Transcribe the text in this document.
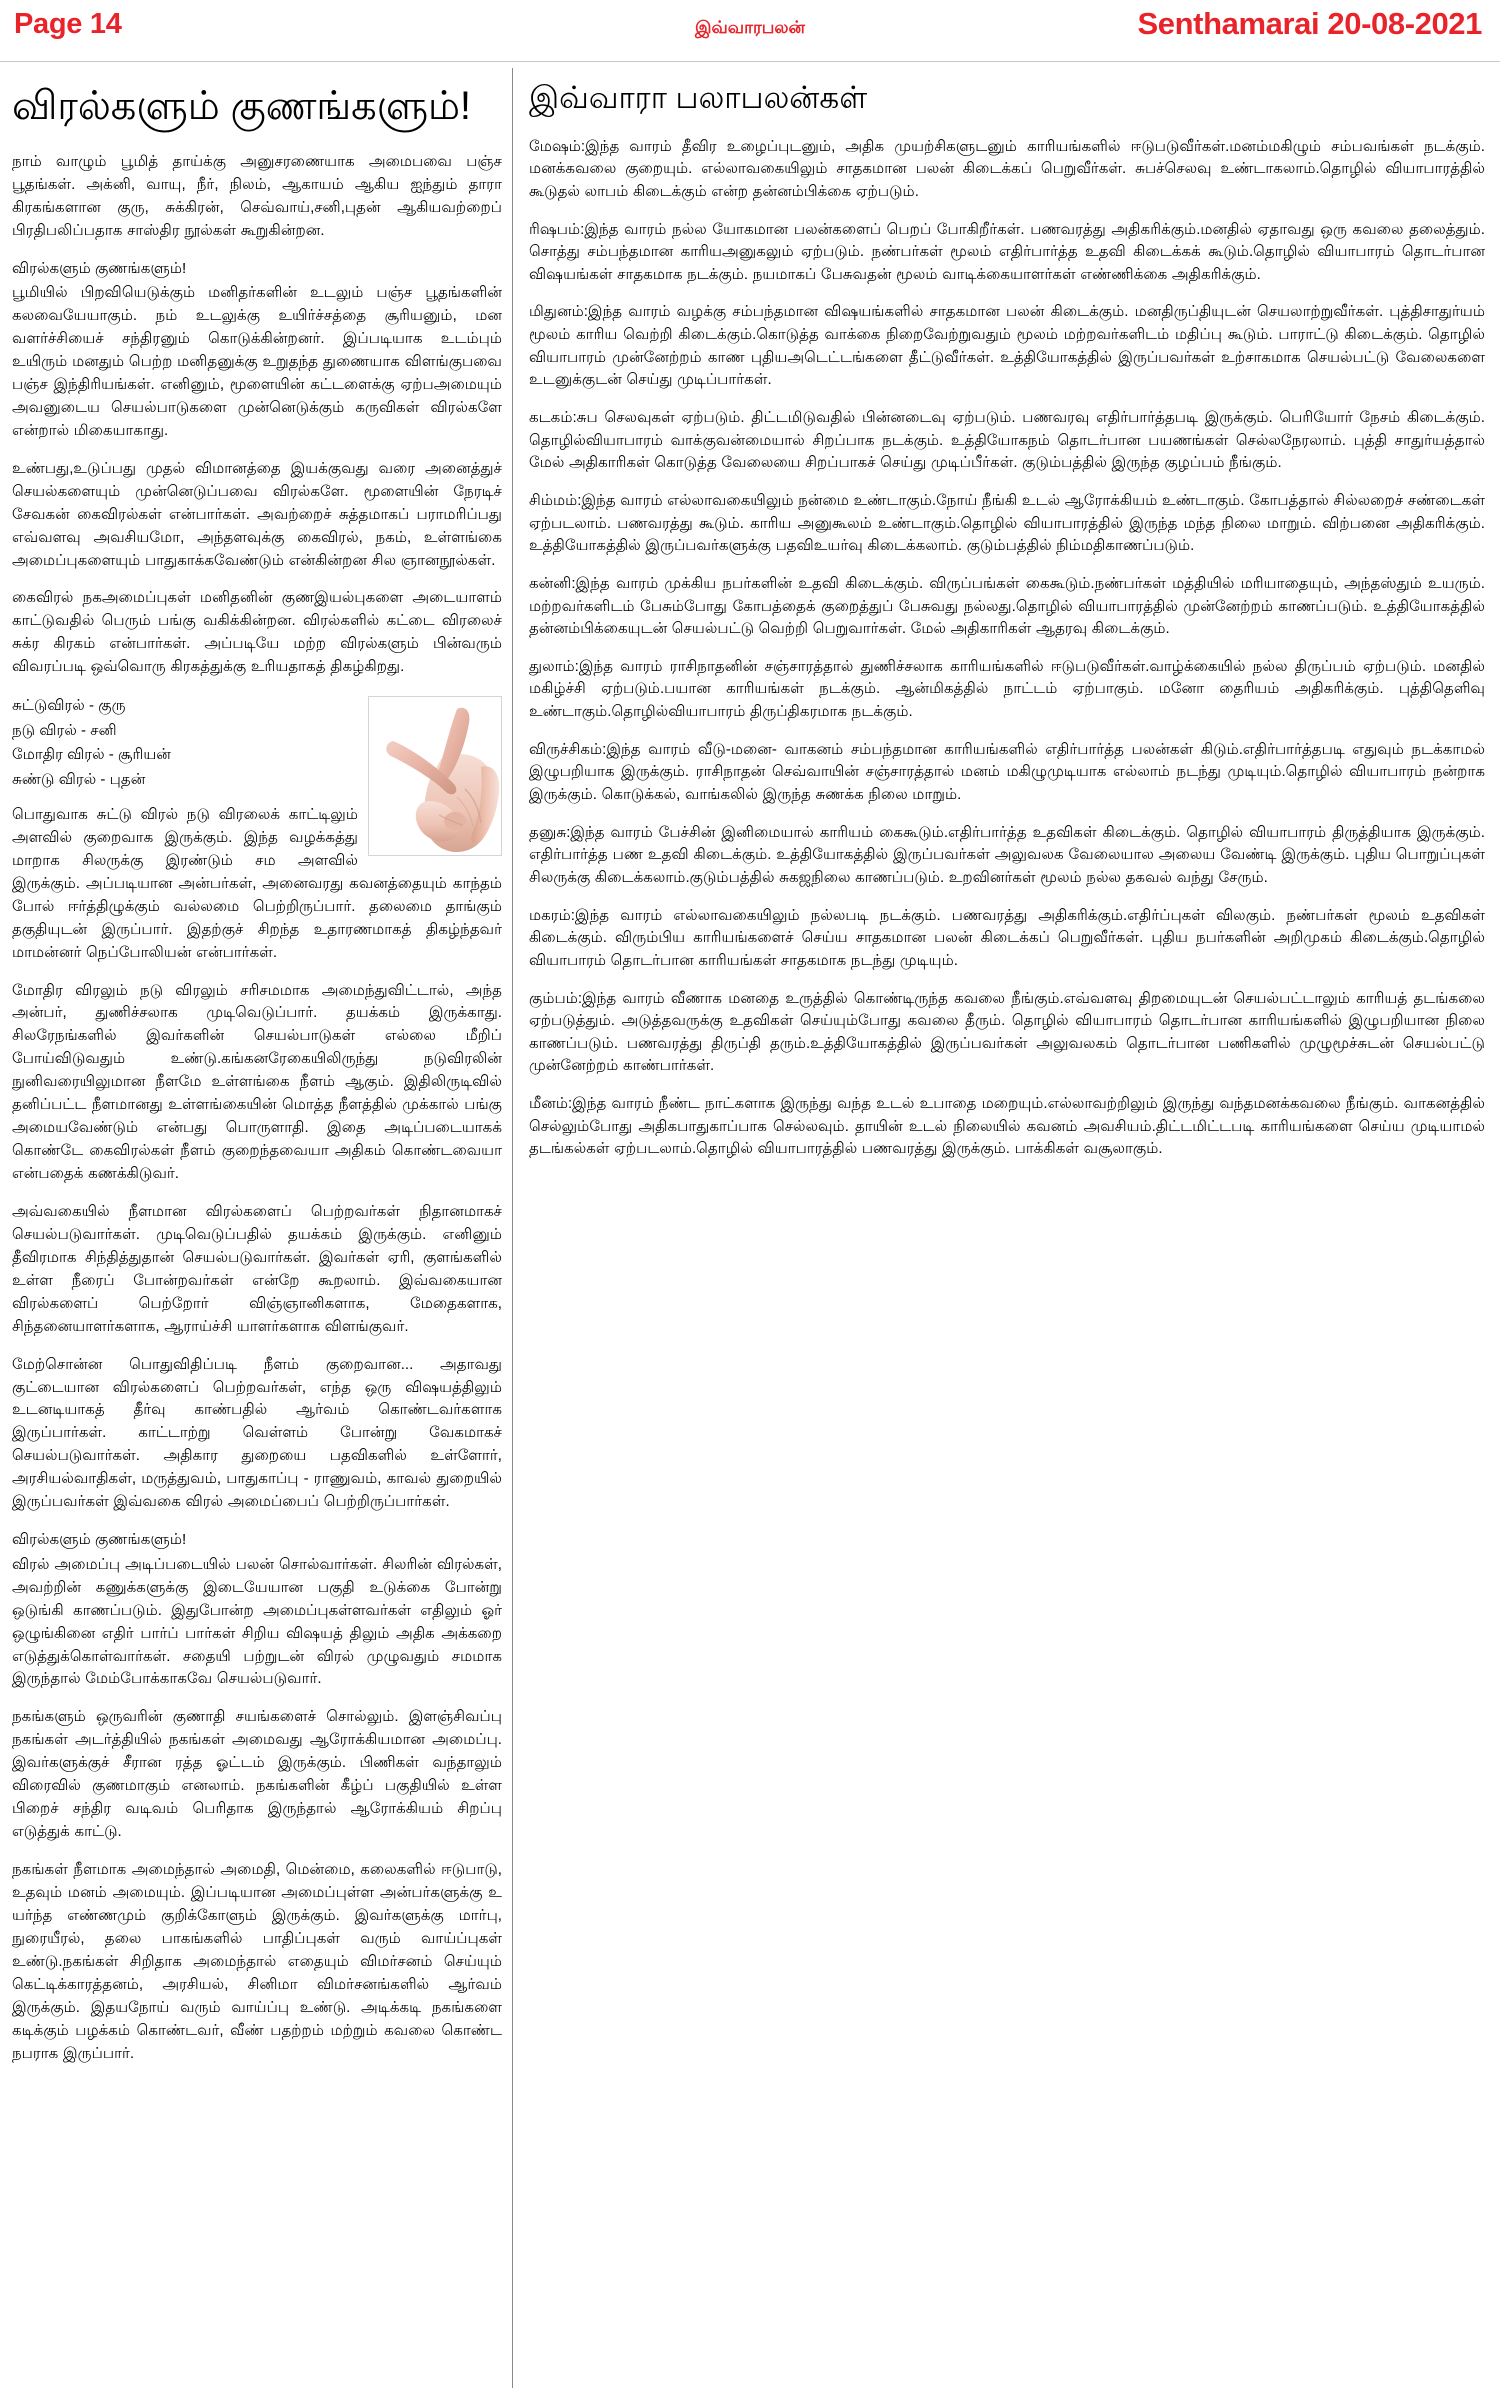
Page 14	இவ்வாரபலன்	Senthamarai 20-08-2021
விரல்களும் குணங்களும்!

நாம் வாழும் பூமித் தாய்க்கு அனுசரணையாக அமைபவை பஞ்ச பூதங்கள். அக்னி, வாயு, நீர், நிலம், ஆகாயம் ஆகிய ஐந்தும் தாரா கிரகங்களான குரு, சுக்கிரன், செவ்வாய்,சனி,புதன் ஆகியவற்றைப் பிரதிபலிப்பதாக சாஸ்திர நூல்கள் கூறுகின்றன.

விரல்களும் குணங்களும்!

பூமியில் பிறவியெடுக்கும் மனிதர்களின் உடலும் பஞ்ச பூதங்களின் கலவையேயாகும். நம் உடலுக்கு உயிர்ச்சத்தை சூரியனும், மன வளர்ச்சியைச் சந்திரனும் கொடுக்கின்றனர். இப்படியாக உடம்பும் உயிரும் மனதும் பெற்ற மனிதனுக்கு உறுதந்த துணையாக விளங்குபவை பஞ்ச இந்திரியங்கள். எனினும், மூளையின் கட்டளைக்கு ஏற்பஅமையும் அவனுடைய செயல்பாடுகளை முன்னெடுக்கும் கருவிகள் விரல்களே என்றால் மிகையாகாது.

உண்பது,உடுப்பது முதல் விமானத்தை இயக்குவது வரை அனைத்துச் செயல்களையும் முன்னெடுப்பவை விரல்களே. மூளையின் நேரடிச் சேவகன் கைவிரல்கள் என்பார்கள். அவற்றைச் சுத்தமாகப் பராமரிப்பது எவ்வளவு அவசியமோ, அந்தளவுக்கு கைவிரல், நகம், உள்ளங்கை அமைப்புகளையும் பாதுகாக்கவேண்டும் என்கின்றன சில ஞானநூல்கள்.

கைவிரல் நகஅமைப்புகள் மனிதனின் குணஇயல்புகளை அடையாளம் காட்டுவதில் பெரும் பங்கு வகிக்கின்றன. விரல்களில் கட்டை விரலைச் சுக்ர கிரகம் என்பார்கள். அப்படியே மற்ற விரல்களும் பின்வரும் விவரப்படி ஒவ்வொரு கிரகத்துக்கு உரியதாகத் திகழ்கிறது.

சுட்டுவிரல் - குரு
நடு விரல் - சனி
மோதிர விரல் - சூரியன்
சுண்டு விரல் - புதன்

பொதுவாக சுட்டு விரல் நடு விரலைக் காட்டிலும் அளவில் குறைவாக இருக்கும். இந்த வழக்கத்து மாறாக சிலருக்கு இரண்டும் சம அளவில் இருக்கும். அப்படியான அன்பர்கள், அனைவரது கவனத்தையும் காந்தம் போல் ஈர்த்திழுக்கும் வல்லமை பெற்றிருப்பார். தலைமை தாங்கும் தகுதியுடன் இருப்பார். இதற்குச் சிறந்த உதாரணமாகத் திகழ்ந்தவர் மாமன்னர் நெப்போலியன் என்பார்கள்.

மோதிர விரலும் நடு விரலும் சரிசமமாக அமைந்துவிட்டால், அந்த அன்பர், துணிச்சலாக முடிவெடுப்பார். தயக்கம் இருக்காது. சிலரேநங்களில் இவர்களின் செயல்பாடுகள் எல்லை மீறிப் போய்விடுவதும் உண்டு.கங்கனரேகையிலிருந்து நடுவிரலின் நுனிவரையிலுமான நீளமே உள்ளங்கை நீளம் ஆகும். இதிலிருடிவில் தனிப்பட்ட நீளமானது உள்ளங்கையின் மொத்த நீளத்தில் முக்கால் பங்கு அமையவேண்டும் என்பது பொருளாதி. இதை அடிப்படையாகக் கொண்டே கைவிரல்கள் நீளம் குறைந்தவையா அதிகம் கொண்டவையா என்பதைக் கணக்கிடுவர்.

அவ்வகையில் நீளமான விரல்களைப் பெற்றவர்கள் நிதானமாகச் செயல்படுவார்கள். முடிவெடுப்பதில் தயக்கம் இருக்கும். எனினும் தீவிரமாக சிந்தித்துதான் செயல்படுவார்கள். இவர்கள் ஏரி, குளங்களில் உள்ள நீரைப் போன்றவர்கள் என்றே கூறலாம். இவ்வகையான விரல்களைப் பெற்றோர் விஞ்ஞானிகளாக, மேதைகளாக, சிந்தனையாளர்களாக, ஆராய்ச்சி யாளர்களாக விளங்குவர்.

மேற்சொன்ன பொதுவிதிப்படி நீளம் குறைவான... அதாவது குட்டையான விரல்களைப் பெற்றவர்கள், எந்த ஒரு விஷயத்திலும் உடனடியாகத் தீர்வு காண்பதில் ஆர்வம் கொண்டவர்களாக இருப்பார்கள். காட்டாற்று வெள்ளம் போன்று வேகமாகச் செயல்படுவார்கள். அதிகார துறையை பதவிகளில் உள்ளோர், அரசியல்வாதிகள், மருத்துவம், பாதுகாப்பு - ராணுவம், காவல் துறையில் இருப்பவர்கள் இவ்வகை விரல் அமைப்பைப் பெற்றிருப்பார்கள்.

விரல்களும் குணங்களும்!

விரல் அமைப்பு அடிப்படையில் பலன் சொல்வார்கள். சிலரின் விரல்கள், அவற்றின் கணுக்களுக்கு இடையேயான பகுதி உடுக்கை போன்று ஒடுங்கி காணப்படும். இதுபோன்ற அமைப்புகள்ளவர்கள் எதிலும் ஓர் ஒழுங்கினை எதிர் பார்ப் பார்கள் சிறிய விஷயத் திலும் அதிக அக்கறை எடுத்துக்கொள்வார்கள். சதையி பற்றுடன் விரல் முழுவதும் சமமாக இருந்தால் மேம்போக்காகவே செயல்படுவார்.

நகங்களும் ஒருவரின் குணாதி சயங்களைச் சொல்லும். இளஞ்சிவப்பு நகங்கள் அடர்த்தியில் நகங்கள் அமைவது ஆரோக்கியமான அமைப்பு. இவர்களுக்குச் சீரான ரத்த ஓட்டம் இருக்கும். பிணிகள் வந்தாலும் விரைவில் குணமாகும் எனலாம். நகங்களின் கீழ்ப் பகுதியில் உள்ள பிறைச் சந்திர வடிவம் பெரிதாக இருந்தால் ஆரோக்கியம் சிறப்பு எடுத்துக் காட்டு.

நகங்கள் நீளமாக அமைந்தால் அமைதி, மென்மை, கலைகளில் ஈடுபாடு, உதவும் மனம் அமையும். இப்படியான அமைப்புள்ள அன்பர்களுக்கு உ யர்ந்த எண்ணமும் குறிக்கோளும் இருக்கும். இவர்களுக்கு மார்பு, நுரையீரல், தலை பாகங்களில் பாதிப்புகள் வரும் வாய்ப்புகள் உண்டு.நகங்கள் சிறிதாக அமைந்தால் எதையும் விமர்சனம் செய்யும் கெட்டிக்காரத்தனம், அரசியல், சினிமா விமர்சனங்களில் ஆர்வம் இருக்கும். இதயநோய் வரும் வாய்ப்பு உண்டு. அடிக்கடி நகங்களை கடிக்கும் பழக்கம் கொண்டவர், வீண் பதற்றம் மற்றும் கவலை கொண்ட நபராக இருப்பார்.

இவ்வாரா பலாபலன்கள்

மேஷம்:இந்த வாரம் தீவிர உழைப்புடனும், அதிக முயற்சிகளுடனும் காரியங்களில் ஈடுபடுவீர்கள்.மனம்மகிழும் சம்பவங்கள் நடக்கும். மனக்கவலை குறையும். எல்லாவகையிலும் சாதகமான பலன் கிடைக்கப் பெறுவீர்கள். சுபச்செலவு உண்டாகலாம்.தொழில் வியாபாரத்தில் கூடுதல் லாபம் கிடைக்கும் என்ற தன்னம்பிக்கை ஏற்படும்.

ரிஷபம்:இந்த வாரம் நல்ல யோகமான பலன்களைப் பெறப் போகிறீர்கள். பணவரத்து அதிகரிக்கும்.மனதில் ஏதாவது ஒரு கவலை தலைத்தும். சொத்து சம்பந்தமான காரியஅனுகலும் ஏற்படும். நண்பர்கள் மூலம் எதிர்பார்த்த உதவி கிடைக்கக் கூடும்.தொழில் வியாபாரம் தொடர்பான விஷயங்கள் சாதகமாக நடக்கும். நயமாகப் பேசுவதன் மூலம் வாடிக்கையாளர்கள் எண்ணிக்கை அதிகரிக்கும்.

மிதுனம்:இந்த வாரம் வழக்கு சம்பந்தமான விஷயங்களில் சாதகமான பலன் கிடைக்கும். மனதிருப்தியுடன் செயலாற்றுவீர்கள். புத்திசாதுர்யம் மூலம் காரிய வெற்றி கிடைக்கும்.கொடுத்த வாக்கை நிறைவேற்றுவதும் மூலம் மற்றவர்களிடம் மதிப்பு கூடும். பாராட்டு கிடைக்கும். தொழில் வியாபாரம் முன்னேற்றம் காண புதியஅடெட்டங்களை தீட்டுவீர்கள். உத்தியோகத்தில் இருப்பவர்கள் உற்சாகமாக செயல்பட்டு வேலைகளை உடனுக்குடன் செய்து முடிப்பார்கள்.

கடகம்:சுப செலவுகள் ஏற்படும். திட்டமிடுவதில் பின்னடைவு ஏற்படும். பணவரவு எதிர்பார்த்தபடி இருக்கும். பெரியோர் நேசம் கிடைக்கும். தொழில்வியாபாரம் வாக்குவன்மையால் சிறப்பாக நடக்கும். உத்தியோகநம் தொடர்பான பயணங்கள் செல்லநேரலாம். புத்தி சாதுர்யத்தால் மேல் அதிகாரிகள் கொடுத்த வேலையை சிறப்பாகச் செய்து முடிப்பீர்கள். குடும்பத்தில் இருந்த குழப்பம் நீங்கும்.

சிம்மம்:இந்த வாரம் எல்லாவகையிலும் நன்மை உண்டாகும்.நோய் நீங்கி உடல் ஆரோக்கியம் உண்டாகும். கோபத்தால் சில்லறைச் சண்டைகள் ஏற்படலாம். பணவரத்து கூடும். காரிய அனுகூலம் உண்டாகும்.தொழில் வியாபாரத்தில் இருந்த மந்த நிலை மாறும். விற்பனை அதிகரிக்கும். உத்தியோகத்தில் இருப்பவர்களுக்கு பதவிஉயர்வு கிடைக்கலாம். குடும்பத்தில் நிம்மதிகாணப்படும்.

கன்னி:இந்த வாரம் முக்கிய நபர்களின் உதவி கிடைக்கும். விருப்பங்கள் கைகூடும்.நண்பர்கள் மத்தியில் மரியாதையும், அந்தஸ்தும் உயரும். மற்றவர்களிடம் பேசும்போது கோபத்தைக் குறைத்துப் பேசுவது நல்லது.தொழில் வியாபாரத்தில் முன்னேற்றம் காணப்படும். உத்தியோகத்தில் தன்னம்பிக்கையுடன் செயல்பட்டு வெற்றி பெறுவார்கள். மேல் அதிகாரிகள் ஆதரவு கிடைக்கும்.

துலாம்:இந்த வாரம் ராசிநாதனின் சஞ்சாரத்தால் துணிச்சலாக காரியங்களில் ஈடுபடுவீர்கள்.வாழ்க்கையில் நல்ல திருப்பம் ஏற்படும். மனதில் மகிழ்ச்சி ஏற்படும்.பயான காரியங்கள் நடக்கும். ஆன்மிகத்தில் நாட்டம் ஏற்பாகும். மனோ தைரியம் அதிகரிக்கும். புத்திதெளிவு உண்டாகும்.தொழில்வியாபாரம் திருப்திகரமாக நடக்கும்.

விருச்சிகம்:இந்த வாரம் வீடு-மனை- வாகனம் சம்பந்தமான காரியங்களில் எதிர்பார்த்த பலன்கள் கிடும்.எதிர்பார்த்தபடி எதுவும் நடக்காமல் இழுபறியாக இருக்கும். ராசிநாதன் செவ்வாயின் சஞ்சாரத்தால் மனம் மகிழுமுடியாக எல்லாம் நடந்து முடியும்.தொழில் வியாபாரம் நன்றாக இருக்கும். கொடுக்கல், வாங்கலில் இருந்த சுணக்க நிலை மாறும்.

தனுசு:இந்த வாரம் பேச்சின் இனிமையால் காரியம் கைகூடும்.எதிர்பார்த்த உதவிகள் கிடைக்கும். தொழில் வியாபாரம் திருத்தியாக இருக்கும். எதிர்பார்த்த பண உதவி கிடைக்கும். உத்தியோகத்தில் இருப்பவர்கள் அலுவலக வேலையால அலைய வேண்டி இருக்கும். புதிய பொறுப்புகள் சிலருக்கு கிடைக்கலாம்.குடும்பத்தில் சுகஜநிலை காணப்படும். உறவினர்கள் மூலம் நல்ல தகவல் வந்து சேரும்.

மகரம்:இந்த வாரம் எல்லாவகையிலும் நல்லபடி நடக்கும். பணவரத்து அதிகரிக்கும்.எதிர்ப்புகள் விலகும். நண்பர்கள் மூலம் உதவிகள் கிடைக்கும். விரும்பிய காரியங்களைச் செய்ய சாதகமான பலன் கிடைக்கப் பெறுவீர்கள். புதிய நபர்களின் அறிமுகம் கிடைக்கும்.தொழில் வியாபாரம் தொடர்பான காரியங்கள் சாதகமாக நடந்து முடியும்.

கும்பம்:இந்த வாரம் வீணாக மனதை உருத்தில் கொண்டிருந்த கவலை நீங்கும்.எவ்வளவு திறமையுடன் செயல்பட்டாலும் காரியத் தடங்கலை ஏற்படுத்தும். அடுத்தவருக்கு உதவிகள் செய்யும்போது கவலை தீரும். தொழில் வியாபாரம் தொடர்பான காரியங்களில் இழுபறியான நிலை காணப்படும். பணவரத்து திருப்தி தரும்.உத்தியோகத்தில் இருப்பவர்கள் அலுவலகம் தொடர்பான பணிகளில் முழுமூச்சுடன் செயல்பட்டு முன்னேற்றம் காண்பார்கள்.

மீனம்:இந்த வாரம் நீண்ட நாட்களாக இருந்து வந்த உடல் உபாதை மறையும்.எல்லாவற்றிலும் இருந்து வந்தமனக்கவலை நீங்கும். வாகனத்தில் செல்லும்போது அதிகபாதுகாப்பாக செல்லவும். தாயின் உடல் நிலையில் கவனம் அவசியம்.திட்டமிட்டபடி காரியங்களை செய்ய முடியாமல் தடங்கல்கள் ஏற்படலாம்.தொழில் வியாபாரத்தில் பணவரத்து இருக்கும். பாக்கிகள் வசூலாகும்.
